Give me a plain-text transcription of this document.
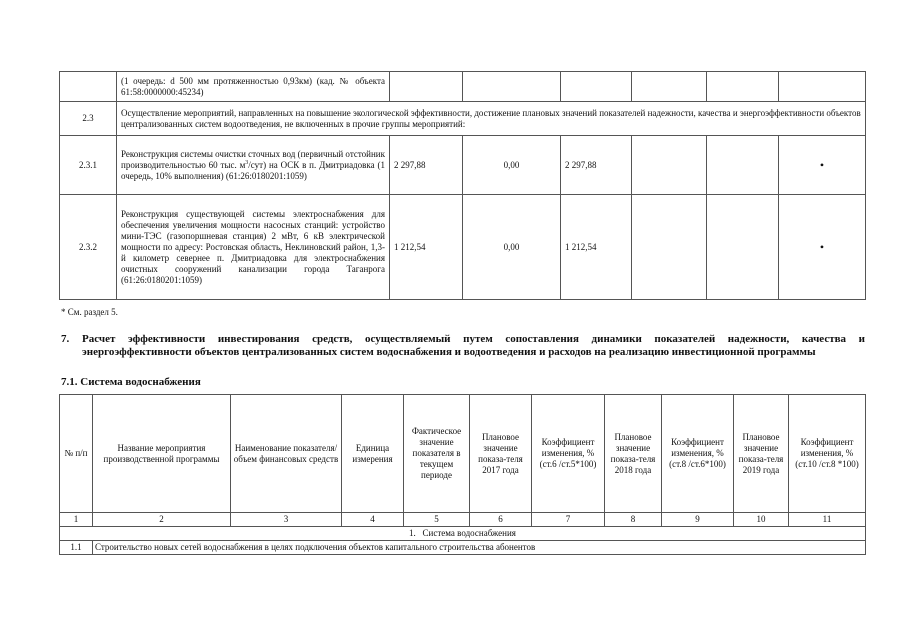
	(1 очередь: d 500 мм протяженностью 0,93км) (кад. № объекта 61:58:0000000:45234)						
2.3	Осуществление мероприятий, направленных на повышение экологической эффективности, достижение плановых значений показателей надежности, качества и энергоэффективности объектов централизованных систем водоотведения, не включенных в прочие группы мероприятий:						
2.3.1	Реконструкция системы очистки сточных вод (первичный отстойник производительностью 60 тыс. $м^3/сут$) на ОСК в п. Дмитриадовка (1 очередь, 10% выполнения) (61:26:0180201:1059)	2 297,88	0,00	2 297,88			•
2.3.2	Реконструкция существующей системы электроснабжения для обеспечения увеличения мощности насосных станций: устройство мини-ТЭС (газопоршневая станция) 2 мВт, 6 кВ электрической мощности по адресу: Ростовская область, Неклиновский район, 1,3-й километр севернее п. Дмитриадовка для электроснабжения очистных сооружений канализации города Таганрога (61:26:0180201:1059)	1 212,54	0,00	1 212,54			•
* См. раздел 5.
7. Расчет эффективности инвестирования средств, осуществляемый путем сопоставления динамики показателей надежности, качества и энергоэффективности объектов централизованных систем водоснабжения и водоотведения и расходов на реализацию инвестиционной программы
7.1. Система водоснабжения
№ п/п	Название мероприятия производственной программы	Наименование показателя/ объем финансовых средств	Единица измерения	Фактическое значение показателя в текущем периоде	Плановое значение показа-теля 2017 года	Коэффициент изменения, % (ст.6 /ст.5*100)	Плановое значение показа-теля 2018 года	Коэффициент изменения, % (ст.8 /ст.6*100)	Плановое значение показа-теля 2019 года	Коэффициент изменения, % (ст.10 /ст.8 *100)
1	2	3	4	5	6	7	8	9	10	11
1.   Система водоснабжения										
1.1	Строительство новых сетей водоснабжения в целях подключения объектов капитального строительства абонентов									
